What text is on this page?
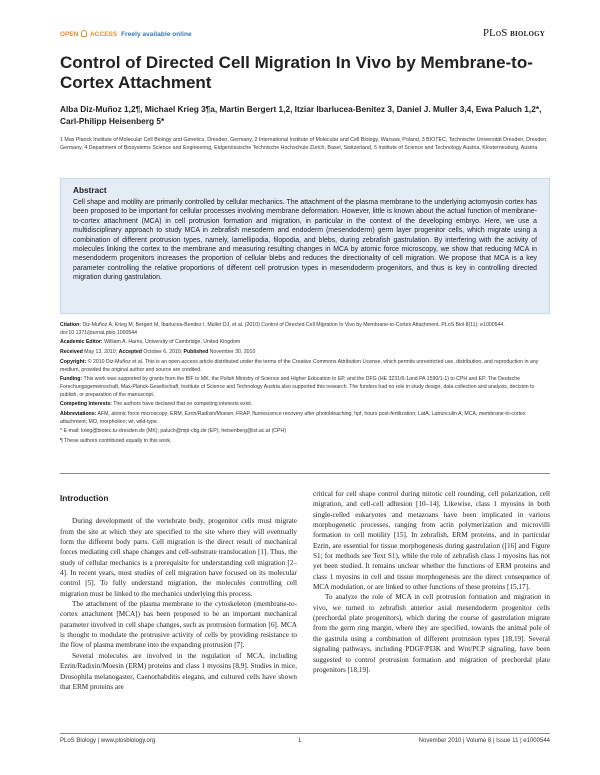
OPEN ACCESS Freely available online	PLoS BIOLOGY
Control of Directed Cell Migration In Vivo by Membrane-to-Cortex Attachment
Alba Diz-Muñoz 1,2¶, Michael Krieg 3¶a, Martin Bergert 1,2, Itziar Ibarlucea-Benitez 3, Daniel J. Muller 3,4, Ewa Paluch 1,2*, Carl-Philipp Heisenberg 5*
1 Max Planck Institute of Molecular Cell Biology and Genetics, Dresden, Germany, 2 International Institute of Molecular and Cell Biology, Warsaw, Poland, 3 BIOTEC, Technische Universität Dresden, Dresden, Germany, 4 Department of Biosystems Science and Engineering, Eidgenössische Technische Hochschule Zürich, Basel, Switzerland, 5 Institute of Science and Technology Austria, Klosterneuburg, Austria
Abstract

Cell shape and motility are primarily controlled by cellular mechanics. The attachment of the plasma membrane to the underlying actomyosin cortex has been proposed to be important for cellular processes involving membrane deformation. However, little is known about the actual function of membrane-to-cortex attachment (MCA) in cell protrusion formation and migration, in particular in the context of the developing embryo. Here, we use a multidisciplinary approach to study MCA in zebrafish mesoderm and endoderm (mesendoderm) germ layer progenitor cells, which migrate using a combination of different protrusion types, namely, lamellipodia, filopodia, and blebs, during zebrafish gastrulation. By interfering with the activity of molecules linking the cortex to the membrane and measuring resulting changes in MCA by atomic force microscopy, we show that reducing MCA in mesendoderm progenitors increases the proportion of cellular blebs and reduces the directionality of cell migration. We propose that MCA is a key parameter controlling the relative proportions of different cell protrusion types in mesendoderm progenitors, and thus is key in controlling directed migration during gastrulation.

Citation: Diz-Muñoz A, Krieg M, Bergert M, Ibarlucea-Benitez I, Muller DJ, et al. (2010) Control of Directed Cell Migration In Vivo by Membrane-to-Cortex Attachment. PLoS Biol 8(11): e1000544. doi:10.1371/journal.pbio.1000544
Academic Editor: William A. Harris, University of Cambridge, United Kingdom
Received May 13, 2010; Accepted October 6, 2010; Published November 30, 2010
Copyright: © 2010 Diz-Muñoz et al. This is an open-access article distributed under the terms of the Creative Commons Attribution License, which permits unrestricted use, distribution, and reproduction in any medium, provided the original author and source are credited.
Funding: This work was supported by grants from the BIF to MK, the Polish Ministry of Science and Higher Education to EP, and the DFG (HE 3231/6-1and PA 1590/1-1) to CPH and EP. The Deutsche Forschungsgemeinschaft, Max-Planck-Gesellschaft, Institute of Science and Technology Austria also supported this research. The funders had no role in study design, data collection and analysis, decision to publish, or preparation of the manuscript.
Competing Interests: The authors have declared that no competing interests exist.
Abbreviations: AFM, atomic force microscopy; ERM, Ezrin/Radixin/Moesin; FRAP, fluorescence recovery after photobleaching; hpf, hours post-fertilization; LatA, Latrunculin A; MCA, membrane-to-cortex attachment; MO, morpholino; wt, wild-type.
* E-mail: krieg@biotec.tu-dresden.de (MK); paluch@mpi-cbg.de (EP); heisenberg@ist.ac.at (CPH)
¶ These authors contributed equally to this work.
Introduction

During development of the vertebrate body, progenitor cells must migrate from the site at which they are specified to the site where they will eventually form the different body parts. Cell migration is the direct result of mechanical forces mediating cell shape changes and cell-substrate translocation [1]. Thus, the study of cellular mechanics is a prerequisite for understanding cell migration [2–4]. In recent years, most studies of cell migration have focused on its molecular control [5]. To fully understand migration, the molecules controlling cell migration must be linked to the mechanics underlying this process.

The attachment of the plasma membrane to the cytoskeleton (membrane-to-cortex attachment [MCA]) has been proposed to be an important mechanical parameter involved in cell shape changes, such as protrusion formation [6]. MCA is thought to modulate the protrusive activity of cells by providing resistance to the flow of plasma membrane into the expanding protrusion [7].

Several molecules are involved in the regulation of MCA, including Ezrin/Radixin/Moesin (ERM) proteins and class 1 myosins [8,9]. Studies in mice, Drosophila melanogaster, Caenorhabditis elegans, and cultured cells have shown that ERM proteins are

critical for cell shape control during mitotic cell rounding, cell polarization, cell migration, and cell-cell adhesion [10–14]. Likewise, class 1 myosins in both single-celled eukaryotes and metazoans have been implicated in various morphogenetic processes, ranging from actin polymerization and microvilli formation to cell motility [15]. In zebrafish, ERM proteins, and in particular Ezrin, are essential for tissue morphogenesis during gastrulation ([16] and Figure S1; for methods see Text S1), while the role of zebrafish class 1 myosins has not yet been studied. It remains unclear whether the functions of ERM proteins and class 1 myosins in cell and tissue morphogenesis are the direct consequence of MCA modulation, or are linked to other functions of these proteins [15,17].

To analyze the role of MCA in cell protrusion formation and migration in vivo, we turned to zebrafish anterior axial mesendoderm progenitor cells (prechordal plate progenitors), which during the course of gastrulation migrate from the germ ring margin, where they are specified, towards the animal pole of the gastrula using a combination of different protrusion types [18,19]. Several signaling pathways, including PDGF/PI3K and Wnt/PCP signaling, have been suggested to control protrusion formation and migration of prechordal plate progenitors [18,19].

PLoS Biology | www.plosbiology.org	1	November 2010 | Volume 8 | Issue 11 | e1000544
